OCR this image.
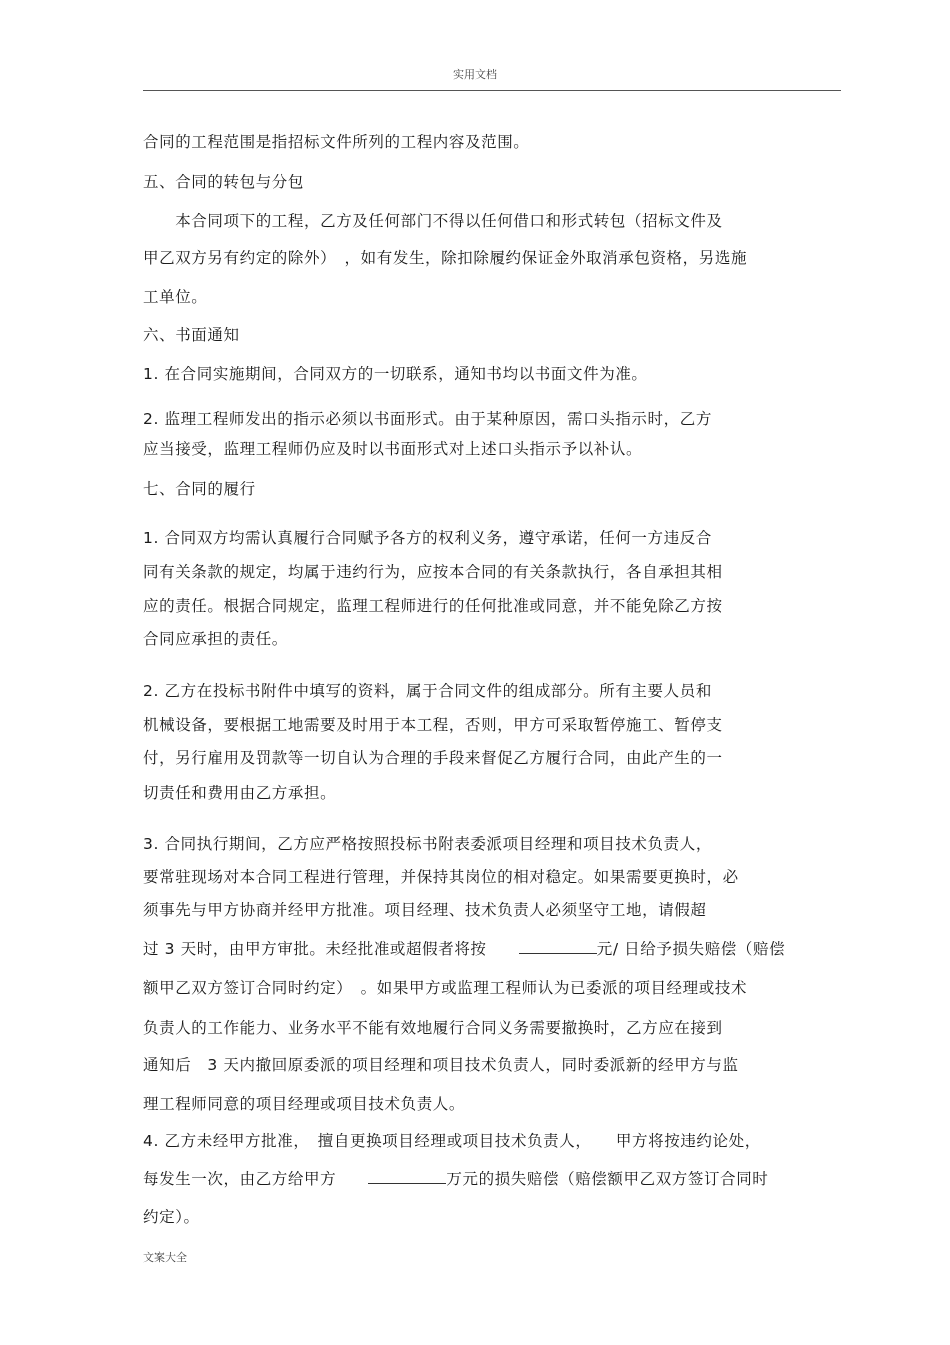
实用文档
合同的工程范围是指招标文件所列的工程内容及范围。
五、合同的转包与分包
　　本合同项下的工程，乙方及任何部门不得以任何借口和形式转包（招标文件及
甲乙双方另有约定的除外）　，如有发生，除扣除履约保证金外取消承包资格，另选施
工单位。
六、书面通知
1. 在合同实施期间，合同双方的一切联系，通知书均以书面文件为准。
2. 监理工程师发出的指示必须以书面形式。由于某种原因，需口头指示时，乙方
应当接受，监理工程师仍应及时以书面形式对上述口头指示予以补认。
七、合同的履行
1. 合同双方均需认真履行合同赋予各方的权利义务，遵守承诺，任何一方违反合
同有关条款的规定，均属于违约行为，应按本合同的有关条款执行，各自承担其相
应的责任。根据合同规定，监理工程师进行的任何批准或同意，并不能免除乙方按
合同应承担的责任。
2. 乙方在投标书附件中填写的资料，属于合同文件的组成部分。所有主要人员和
机械设备，要根据工地需要及时用于本工程，否则，甲方可采取暂停施工、暂停支
付，另行雇用及罚款等一切自认为合理的手段来督促乙方履行合同，由此产生的一
切责任和费用由乙方承担。
3. 合同执行期间，乙方应严格按照投标书附表委派项目经理和项目技术负责人，
要常驻现场对本合同工程进行管理，并保持其岗位的相对稳定。如果需要更换时，必
须事先与甲方协商并经甲方批准。项目经理、技术负责人必须坚守工地，请假超
过 3 天时，由甲方审批。未经批准或超假者将按　　	元/ 日给予损失赔偿（赔偿
额甲乙双方签订合同时约定）　。如果甲方或监理工程师认为已委派的项目经理或技术
负责人的工作能力、业务水平不能有效地履行合同义务需要撤换时，乙方应在接到
通知后　3 天内撤回原委派的项目经理和项目技术负责人，同时委派新的经甲方与监
理工程师同意的项目经理或项目技术负责人。
4. 乙方未经甲方批准，　擅自更换项目经理或项目技术负责人，　　甲方将按违约论处，
每发生一次，由乙方给甲方　　	万元的损失赔偿（赔偿额甲乙双方签订合同时
约定）。
文案大全
